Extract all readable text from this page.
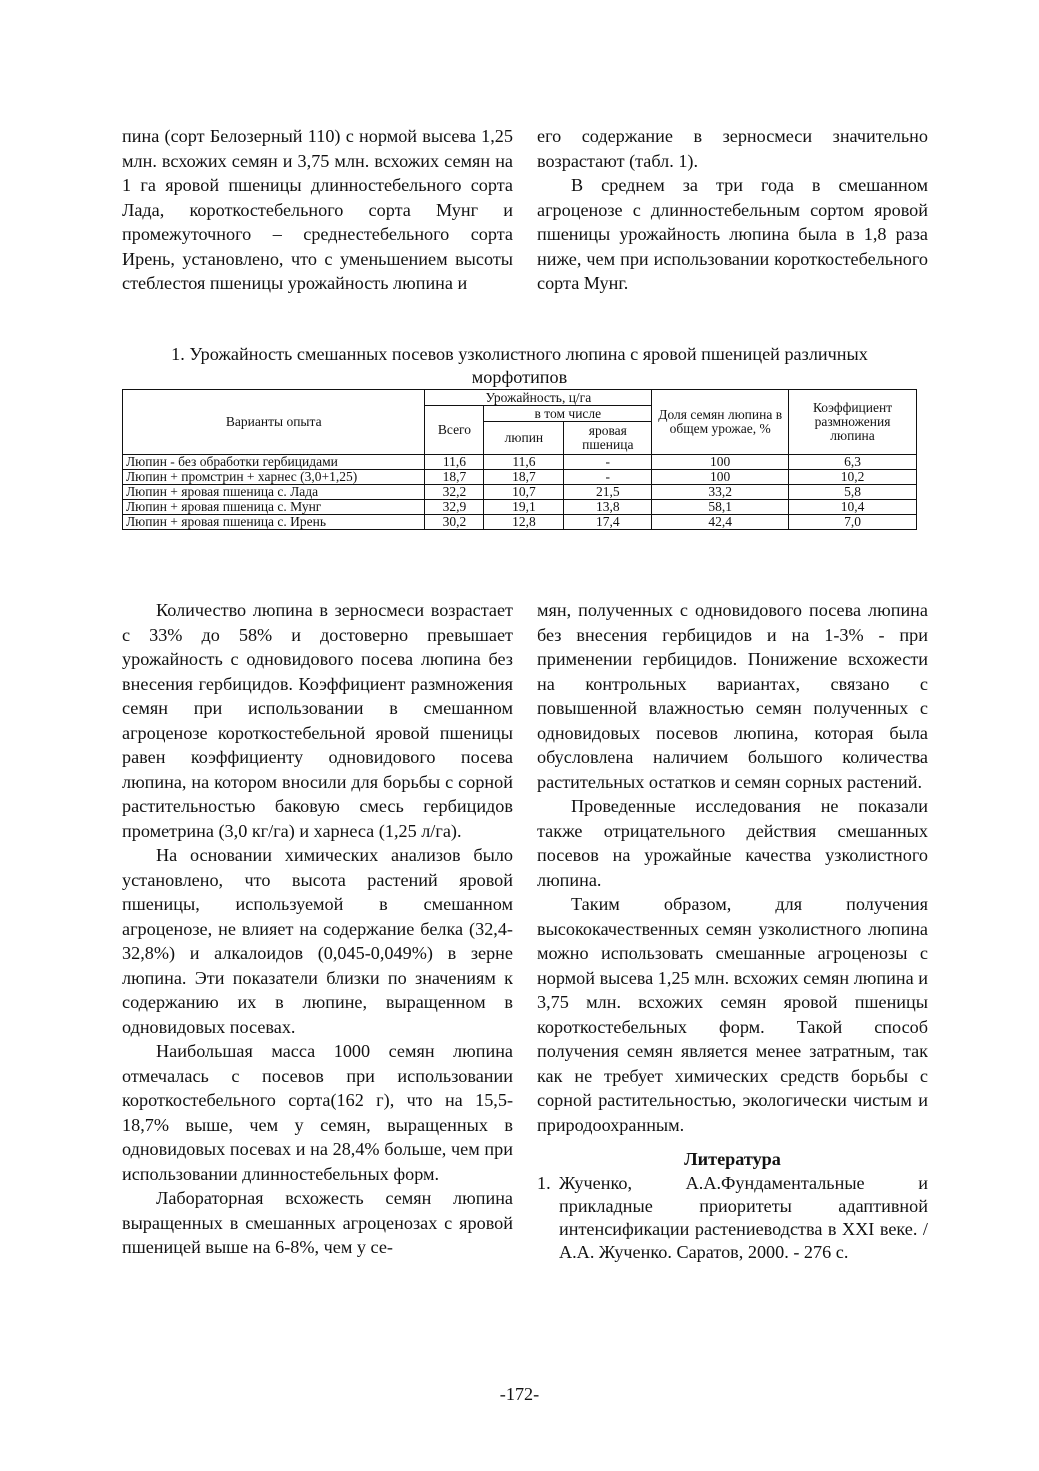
пина (сорт Белозерный 110) с нормой высева 1,25 млн. всхожих семян и 3,75 млн. всхожих семян на 1 га яровой пшеницы длинностебельного сорта Лада, короткостебельного сорта Мунг и промежуточного – среднестебельного сорта Ирень, установлено, что с уменьшением высоты стеблестоя пшеницы урожайность люпина и

его содержание в зерносмеси значительно возрастают (табл. 1).

В среднем за три года в смешанном агроценозе с длинностебельным сортом яровой пшеницы урожайность люпина была в 1,8 раза ниже, чем при использовании короткостебельного сорта Мунг.

1. Урожайность смешанных посевов узколистного люпина с яровой пшеницей различных морфотипов
Варианты опыта	Урожайность, ц/га			Доля семян люпина в общем урожае, %	Коэффициент размножения люпина
	Всего	в том числе			
		люпин	яровая пшеница		
Люпин - без обработки гербицидами	11,6	11,6	-	100	6,3
Люпин + промстрин + харнес (3,0+1,25)	18,7	18,7	-	100	10,2
Люпин + яровая пшеница с. Лада	32,2	10,7	21,5	33,2	5,8
Люпин + яровая пшеница с. Мунг	32,9	19,1	13,8	58,1	10,4
Люпин + яровая пшеница с. Ирень	30,2	12,8	17,4	42,4	7,0

Количество люпина в зерносмеси возрастает с 33% до 58% и достоверно превышает урожайность с одновидового посева люпина без внесения гербицидов. Коэффициент размножения семян при использовании в смешанном агроценозе короткостебельной яровой пшеницы равен коэффициенту одновидового посева люпина, на котором вносили для борьбы с сорной растительностью баковую смесь гербицидов прометрина (3,0 кг/га) и харнеса (1,25 л/га).

На основании химических анализов было установлено, что высота растений яровой пшеницы, используемой в смешанном агроценозе, не влияет на содержание белка (32,4-32,8%) и алкалоидов (0,045-0,049%) в зерне люпина. Эти показатели близки по значениям к содержанию их в люпине, выращенном в одновидовых посевах.

Наибольшая масса 1000 семян люпина отмечалась с посевов при использовании короткостебельного сорта(162 г), что на 15,5-18,7% выше, чем у семян, выращенных в одновидовых посевах и на 28,4% больше, чем при использовании длинностебельных форм.

Лабораторная всхожесть семян люпина выращенных в смешанных агроценозах с яровой пшеницей выше на 6-8%, чем у се-

мян, полученных с одновидового посева люпина без внесения гербицидов и на 1-3% - при применении гербицидов. Понижение всхожести на контрольных вариантах, связано с повышенной влажностью семян полученных с одновидовых посевов люпина, которая была обусловлена наличием большого количества растительных остатков и семян сорных растений.

Проведенные исследования не показали также отрицательного действия смешанных посевов на урожайные качества узколистного люпина.

Таким образом, для получения высококачественных семян узколистного люпина можно использовать смешанные агроценозы с нормой высева 1,25 млн. всхожих семян люпина и 3,75 млн. всхожих семян яровой пшеницы короткостебельных форм. Такой способ получения семян является менее затратным, так как не требует химических средств борьбы с сорной растительностью, экологически чистым и природоохранным.

Литература

1. Жученко, А.А.Фундаментальные и прикладные приоритеты адаптивной интенсификации растениеводства в XXI веке. / А.А. Жученко. Саратов, 2000. - 276 с.

-172-
